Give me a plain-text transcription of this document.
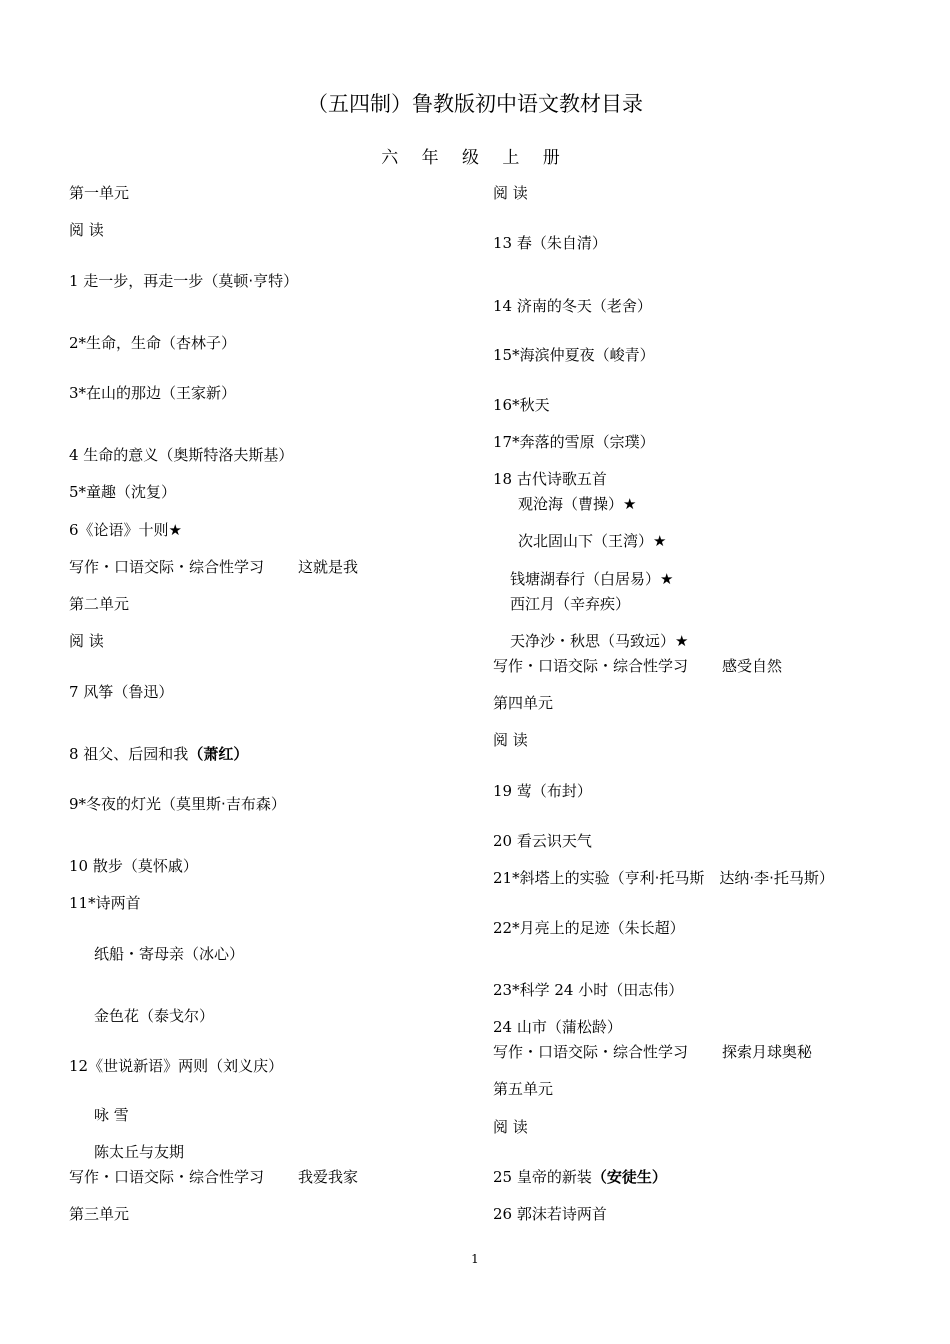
（五四制）鲁教版初中语文教材目录
六 年 级 上 册
第一单元
阅 读
1 走一步，再走一步（莫顿·亨特）
2*生命，生命（杏林子）
3*在山的那边（王家新）
4 生命的意义（奥斯特洛夫斯基）
5*童趣（沈复）
6《论语》十则★
写作・口语交际・综合性学习 这就是我
第二单元
阅 读
7 风筝（鲁迅）
8 祖父、后园和我（萧红）
9*冬夜的灯光（莫里斯·吉布森）
10 散步（莫怀戚）
11*诗两首
纸船・寄母亲（冰心）
金色花（泰戈尔）
12《世说新语》两则（刘义庆）
咏 雪
陈太丘与友期
写作・口语交际・综合性学习 我爱我家
第三单元
阅 读
13 春（朱自清）
14 济南的冬天（老舍）
15*海滨仲夏夜（峻青）
16*秋天
17*奔落的雪原（宗璞）
18 古代诗歌五首
观沧海（曹操）★
次北固山下（王湾）★
钱塘湖春行（白居易）★
西江月（辛弃疾）
天净沙・秋思（马致远）★
写作・口语交际・综合性学习 感受自然
第四单元
阅 读
19 莺（布封）
20 看云识天气
21*斜塔上的实验（亨利·托马斯　达纳·李·托马斯）
22*月亮上的足迹（朱长超）
23*科学 24 小时（田志伟）
24 山市（蒲松龄）
写作・口语交际・综合性学习 探索月球奥秘
第五单元
阅 读
25 皇帝的新装（安徒生）
26 郭沫若诗两首
1
